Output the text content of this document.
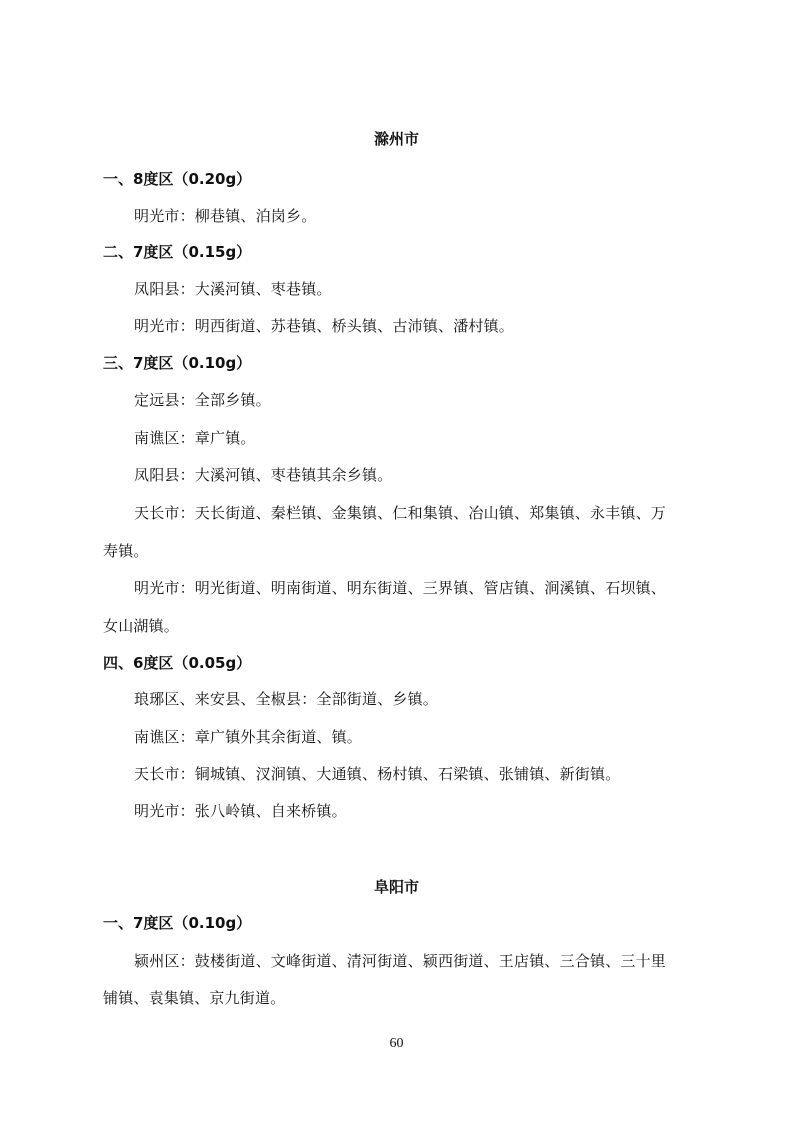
滁州市
一、8度区（0.20g）
明光市：柳巷镇、泊岗乡。
二、7度区（0.15g）
凤阳县：大溪河镇、枣巷镇。
明光市：明西街道、苏巷镇、桥头镇、古沛镇、潘村镇。
三、7度区（0.10g）
定远县：全部乡镇。
南谯区：章广镇。
凤阳县：大溪河镇、枣巷镇其余乡镇。
天长市：天长街道、秦栏镇、金集镇、仁和集镇、冶山镇、郑集镇、永丰镇、万
寿镇。
明光市：明光街道、明南街道、明东街道、三界镇、管店镇、涧溪镇、石坝镇、
女山湖镇。
四、6度区（0.05g）
琅琊区、来安县、全椒县：全部街道、乡镇。
南谯区：章广镇外其余街道、镇。
天长市：铜城镇、汊涧镇、大通镇、杨村镇、石梁镇、张铺镇、新街镇。
明光市：张八岭镇、自来桥镇。
阜阳市
一、7度区（0.10g）
颍州区：鼓楼街道、文峰街道、清河街道、颍西街道、王店镇、三合镇、三十里
铺镇、袁集镇、京九街道。
60
